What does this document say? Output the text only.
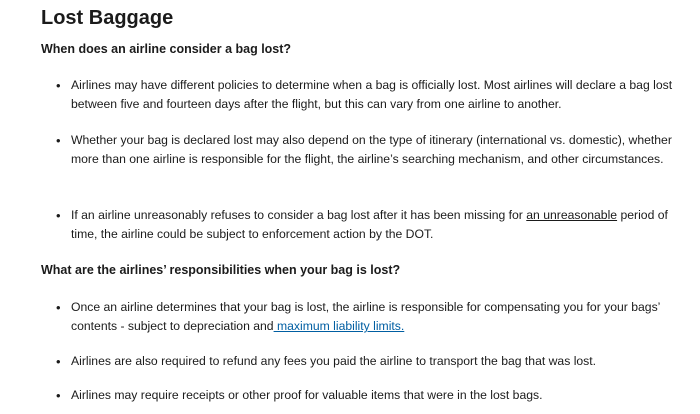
Lost Baggage
When does an airline consider a bag lost?
• Airlines may have different policies to determine when a bag is officially lost. Most airlines will declare a bag lost between five and fourteen days after the flight, but this can vary from one airline to another.
• Whether your bag is declared lost may also depend on the type of itinerary (international vs. domestic), whether more than one airline is responsible for the flight, the airline’s searching mechanism, and other circumstances.
• If an airline unreasonably refuses to consider a bag lost after it has been missing for an unreasonable period of time, the airline could be subject to enforcement action by the DOT.
What are the airlines’ responsibilities when your bag is lost?
• Once an airline determines that your bag is lost, the airline is responsible for compensating you for your bags’ contents - subject to depreciation and maximum liability limits.
• Airlines are also required to refund any fees you paid the airline to transport the bag that was lost.
• Airlines may require receipts or other proof for valuable items that were in the lost bags.
